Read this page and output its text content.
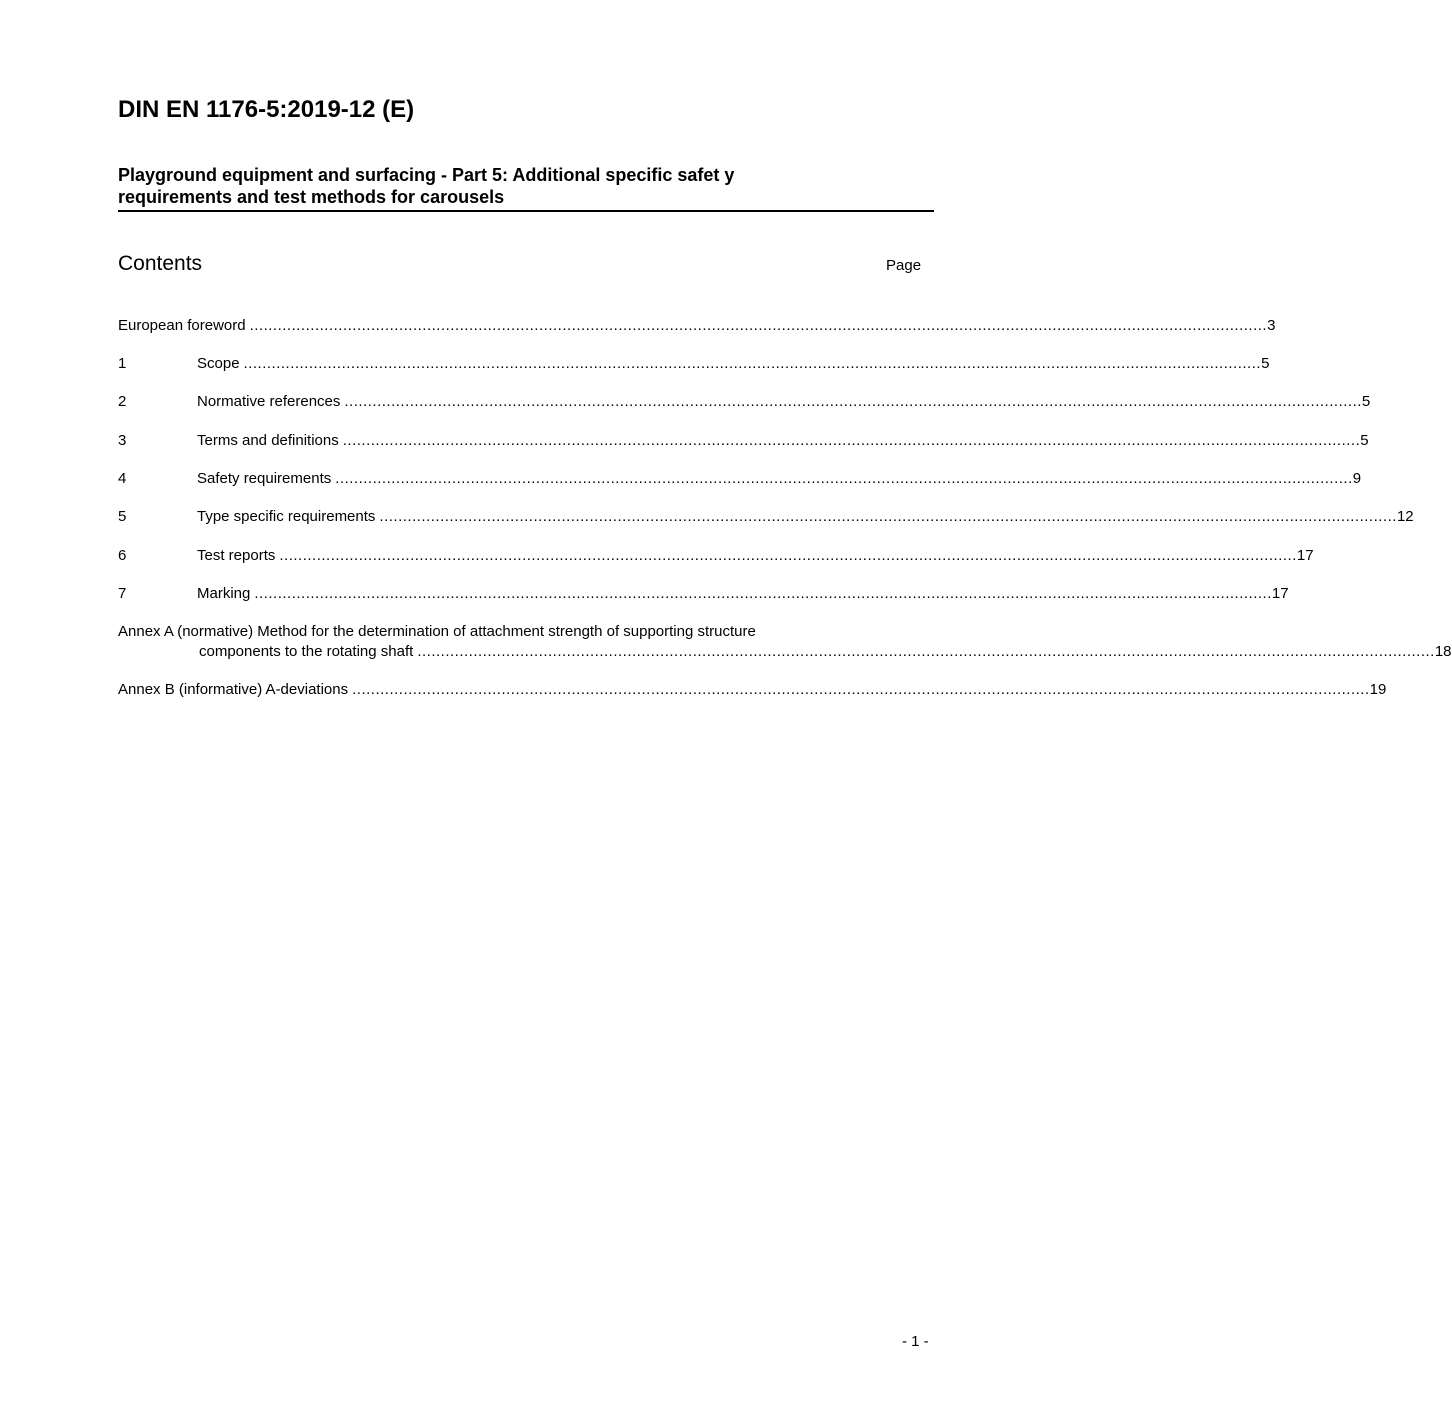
DIN EN 1176-5:2019-12 (E)
Playground equipment and surfacing - Part 5: Additional specific safet y
requirements and test methods for carousels
Contents	Page
European foreword .......................................................................................................................................................................................................................... 3
1	Scope .......................................................................................................................................................................................................................... 5
2	Normative references .......................................................................................................................................................................................................................... 5
3	Terms and definitions .......................................................................................................................................................................................................................... 5
4	Safety requirements .......................................................................................................................................................................................................................... 9
5	Type specific requirements .......................................................................................................................................................................................................................... 12
6	Test reports .......................................................................................................................................................................................................................... 17
7	Marking .......................................................................................................................................................................................................................... 17
Annex A (normative) Method for the determination of attachment strength of supporting structure
components to the rotating shaft .......................................................................................................................................................................................................................... 18
Annex B (informative) A-deviations .......................................................................................................................................................................................................................... 19
- 1 -
